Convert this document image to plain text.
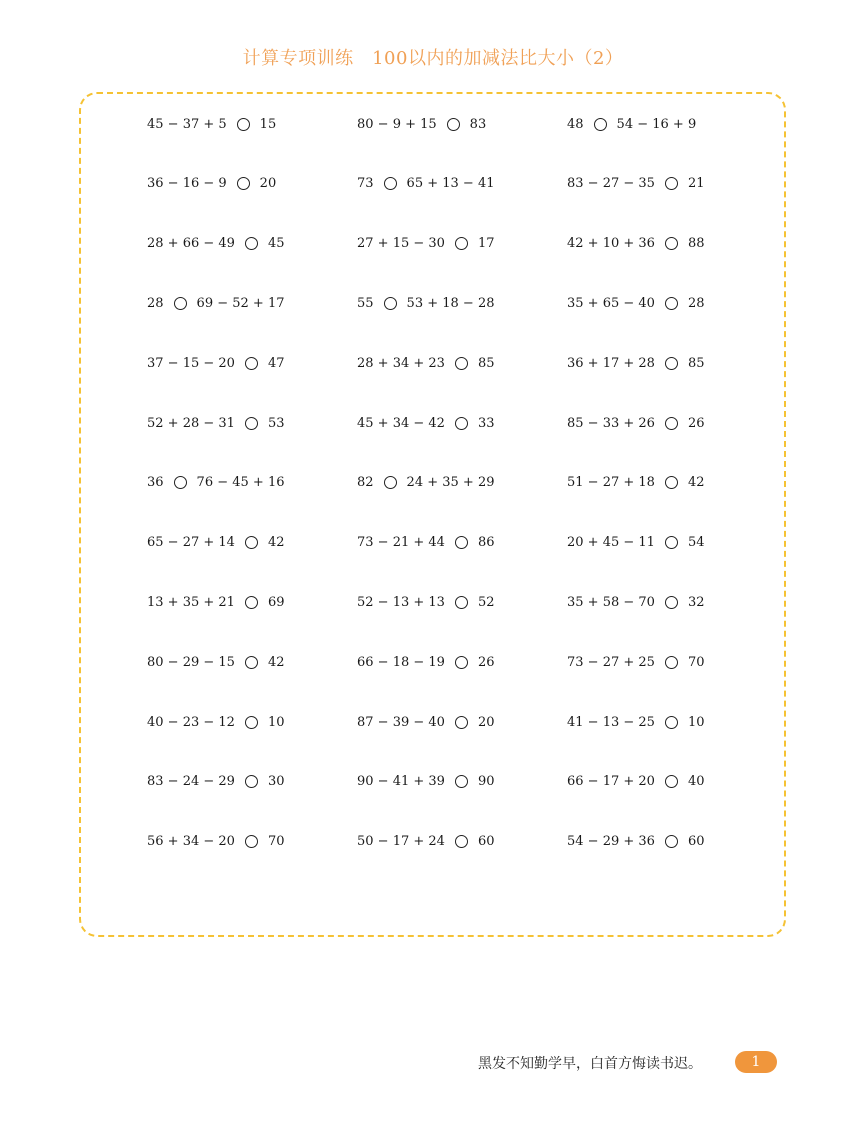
计算专项训练　100以内的加减法比大小（2）
45 − 37 + 5	15
36 − 16 − 9	20
28 + 66 − 49	45
28	69 − 52 + 17
37 − 15 − 20	47
52 + 28 − 31	53
36	76 − 45 + 16
65 − 27 + 14	42
13 + 35 + 21	69
80 − 29 − 15	42
40 − 23 − 12	10
83 − 24 − 29	30
56 + 34 − 20	70
80 − 9 + 15	83
73	65 + 13 − 41
27 + 15 − 30	17
55	53 + 18 − 28
28 + 34 + 23	85
45 + 34 − 42	33
82	24 + 35 + 29
73 − 21 + 44	86
52 − 13 + 13	52
66 − 18 − 19	26
87 − 39 − 40	20
90 − 41 + 39	90
50 − 17 + 24	60
48	54 − 16 + 9
83 − 27 − 35	21
42 + 10 + 36	88
35 + 65 − 40	28
36 + 17 + 28	85
85 − 33 + 26	26
51 − 27 + 18	42
20 + 45 − 11	54
35 + 58 − 70	32
73 − 27 + 25	70
41 − 13 − 25	10
66 − 17 + 20	40
54 − 29 + 36	60
黑发不知勤学早，白首方悔读书迟。	1
